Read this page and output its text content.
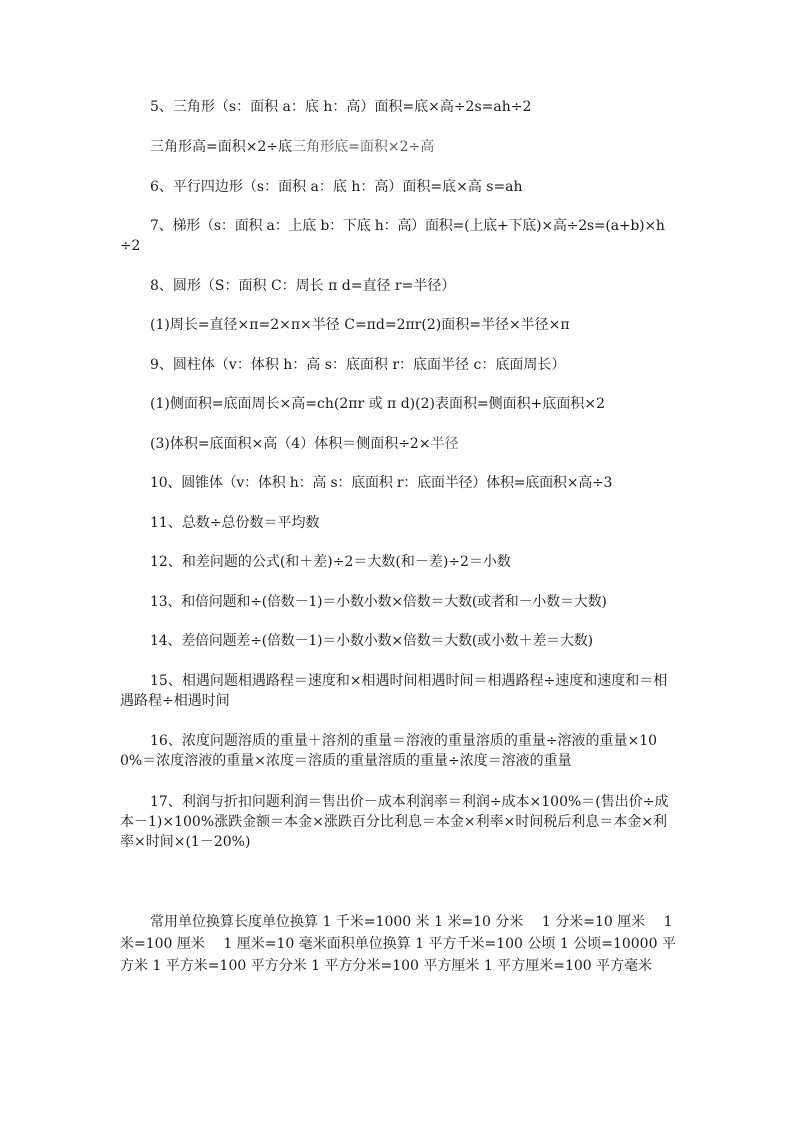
5、三角形（s：面积 a：底 h：高）面积=底×高÷2s=ah÷2
三角形高=面积×2÷底三角形底=面积×2÷高
6、平行四边形（s：面积 a：底 h：高）面积=底×高 s=ah
7、梯形（s：面积 a：上底 b：下底 h：高）面积=(上底+下底)×高÷2s=(a+b)×h÷2
8、圆形（S：面积 C：周长 π d=直径 r=半径）
(1)周长=直径×π=2×π×半径 C=πd=2πr(2)面积=半径×半径×π
9、圆柱体（v：体积 h：高 s：底面积 r：底面半径 c：底面周长）
(1)侧面积=底面周长×高=ch(2πr 或 π d)(2)表面积=侧面积+底面积×2
(3)体积=底面积×高（4）体积＝侧面积÷2×半径
10、圆锥体（v：体积 h：高 s：底面积 r：底面半径）体积=底面积×高÷3
11、总数÷总份数＝平均数
12、和差问题的公式(和＋差)÷2＝大数(和－差)÷2＝小数
13、和倍问题和÷(倍数－1)＝小数小数×倍数＝大数(或者和－小数＝大数)
14、差倍问题差÷(倍数－1)＝小数小数×倍数＝大数(或小数＋差＝大数)
15、相遇问题相遇路程＝速度和×相遇时间相遇时间＝相遇路程÷速度和速度和＝相遇路程÷相遇时间
16、浓度问题溶质的重量＋溶剂的重量＝溶液的重量溶质的重量÷溶液的重量×100%＝浓度溶液的重量×浓度＝溶质的重量溶质的重量÷浓度＝溶液的重量
17、利润与折扣问题利润＝售出价－成本利润率＝利润÷成本×100%＝(售出价÷成本－1)×100%涨跌金额＝本金×涨跌百分比利息＝本金×利率×时间税后利息＝本金×利率×时间×(1－20%)
常用单位换算长度单位换算 1 千米=1000 米 1 米=10 分米　 1 分米=10 厘米　 1 米=100 厘米　 1 厘米=10 毫米面积单位换算 1 平方千米=100 公顷 1 公顷=10000 平方米 1 平方米=100 平方分米 1 平方分米=100 平方厘米 1 平方厘米=100 平方毫米
